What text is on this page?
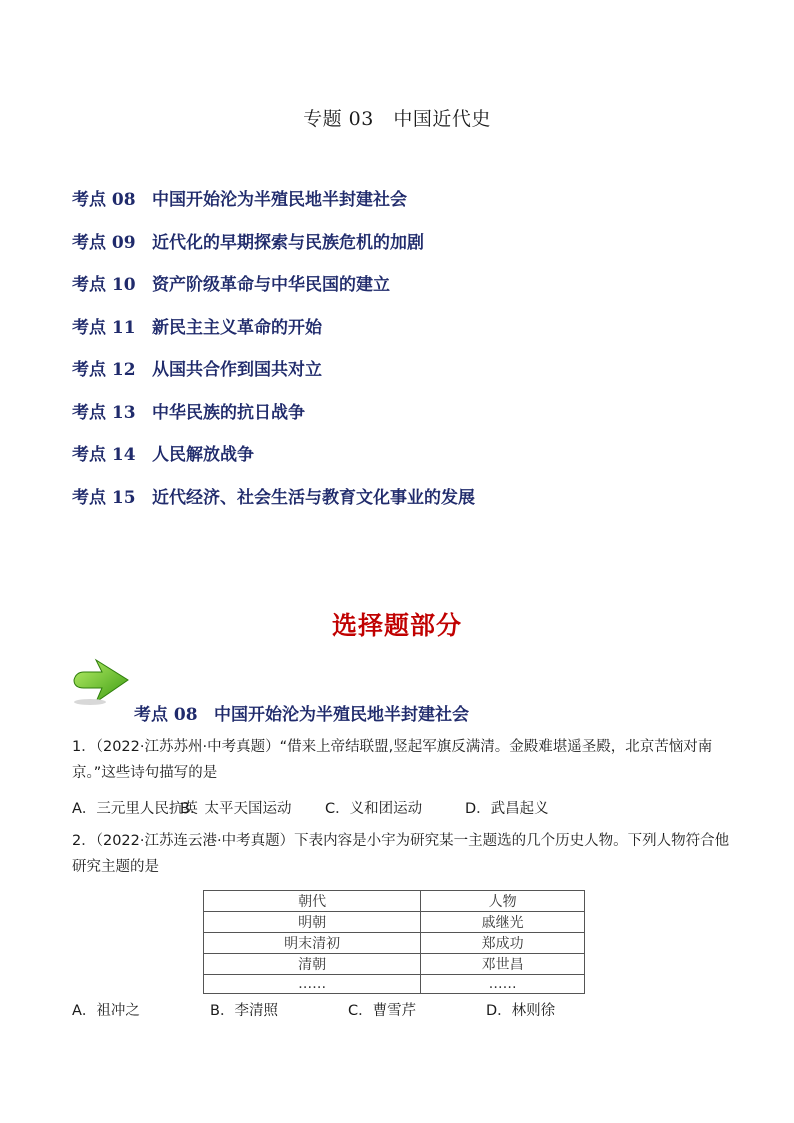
专题 03　中国近代史
考点 08 中国开始沦为半殖民地半封建社会
考点 09 近代化的早期探索与民族危机的加剧
考点 10 资产阶级革命与中华民国的建立
考点 11 新民主主义革命的开始
考点 12 从国共合作到国共对立
考点 13 中华民族的抗日战争
考点 14 人民解放战争
考点 15 近代经济、社会生活与教育文化事业的发展
选择题部分
考点 08 中国开始沦为半殖民地半封建社会
1．（2022·江苏苏州·中考真题）“借来上帝结联盟,竖起军旗反满清。金殿难堪遥圣殿，北京苦恼对南京。”这些诗句描写的是
A．三元里人民抗英B．太平天国运动 C．义和团运动	D．武昌起义
2．（2022·江苏连云港·中考真题）下表内容是小宇为研究某一主题选的几个历史人物。下列人物符合他研究主题的是
朝代	人物
明朝	戚继光
明末清初	郑成功
清朝	邓世昌
……	……
A．祖冲之	B．李清照	C．曹雪芹	D．林则徐
